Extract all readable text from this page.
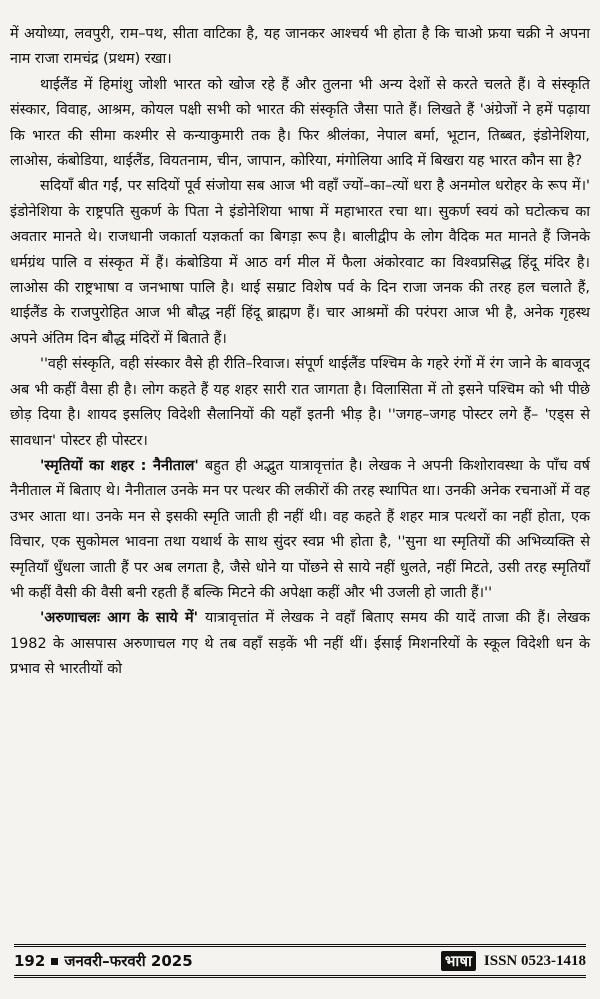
में अयोध्या, लवपुरी, राम–पथ, सीता वाटिका है, यह जानकर आश्चर्य भी होता है कि चाओ फ्रया चक्री ने अपना नाम राजा रामचंद्र (प्रथम) रखा।

थाईलैंड में हिमांशु जोशी भारत को खोज रहे हैं और तुलना भी अन्य देशों से करते चलते हैं। वे संस्कृति संस्कार, विवाह, आश्रम, कोयल पक्षी सभी को भारत की संस्कृति जैसा पाते हैं। लिखते हैं 'अंग्रेजों ने हमें पढ़ाया कि भारत की सीमा कश्मीर से कन्याकुमारी तक है। फिर श्रीलंका, नेपाल बर्मा, भूटान, तिब्बत, इंडोनेशिया, लाओस, कंबोडिया, थाईलैंड, वियतनाम, चीन, जापान, कोरिया, मंगोलिया आदि में बिखरा यह भारत कौन सा है?

सदियाँ बीत गईं, पर सदियों पूर्व संजोया सब आज भी वहाँ ज्यों–का–त्यों धरा है अनमोल धरोहर के रूप में।' इंडोनेशिया के राष्ट्रपति सुकर्ण के पिता ने इंडोनेशिया भाषा में महाभारत रचा था। सुकर्ण स्वयं को घटोत्कच का अवतार मानते थे। राजधानी जकार्ता यज्ञकर्ता का बिगड़ा रूप है। बालीद्वीप के लोग वैदिक मत मानते हैं जिनके धर्मग्रंथ पालि व संस्कृत में हैं। कंबोडिया में आठ वर्ग मील में फैला अंकोरवाट का विश्वप्रसिद्ध हिंदू मंदिर है। लाओस की राष्ट्रभाषा व जनभाषा पालि है। थाई सम्राट विशेष पर्व के दिन राजा जनक की तरह हल चलाते हैं, थाईलैंड के राजपुरोहित आज भी बौद्ध नहीं हिंदू ब्राह्मण हैं। चार आश्रमों की परंपरा आज भी है, अनेक गृहस्थ अपने अंतिम दिन बौद्ध मंदिरों में बिताते हैं।

''वही संस्कृति, वही संस्कार वैसे ही रीति–रिवाज। संपूर्ण थाईलैंड पश्चिम के गहरे रंगों में रंग जाने के बावजूद अब भी कहीं वैसा ही है। लोग कहते हैं यह शहर सारी रात जागता है। विलासिता में तो इसने पश्चिम को भी पीछे छोड़ दिया है। शायद इसलिए विदेशी सैलानियों की यहाँ इतनी भीड़ है। ''जगह–जगह पोस्टर लगे हैं– 'एड्स से सावधान' पोस्टर ही पोस्टर।

'स्मृतियों का शहर : नैनीताल' बहुत ही अद्भुत यात्रावृत्तांत है। लेखक ने अपनी किशोरावस्था के पाँच वर्ष नैनीताल में बिताए थे। नैनीताल उनके मन पर पत्थर की लकीरों की तरह स्थापित था। उनकी अनेक रचनाओं में वह उभर आता था। उनके मन से इसकी स्मृति जाती ही नहीं थी। वह कहते हैं शहर मात्र पत्थरों का नहीं होता, एक विचार, एक सुकोमल भावना तथा यथार्थ के साथ सुंदर स्वप्न भी होता है, ''सुना था स्मृतियों की अभिव्यक्ति से स्मृतियाँ धुँधला जाती हैं पर अब लगता है, जैसे धोने या पोंछने से साये नहीं धुलते, नहीं मिटते, उसी तरह स्मृतियाँ भी कहीं वैसी की वैसी बनी रहती हैं बल्कि मिटने की अपेक्षा कहीं और भी उजली हो जाती हैं।''

'अरुणाचलः आग के साये में' यात्रावृत्तांत में लेखक ने वहाँ बिताए समय की यादें ताजा की हैं। लेखक 1982 के आसपास अरुणाचल गए थे तब वहाँ सड़कें भी नहीं थीं। ईसाई मिशनरियों के स्कूल विदेशी धन के प्रभाव से भारतीयों को

192 जनवरी–फरवरी 2025	भाषा ISSN 0523-1418
